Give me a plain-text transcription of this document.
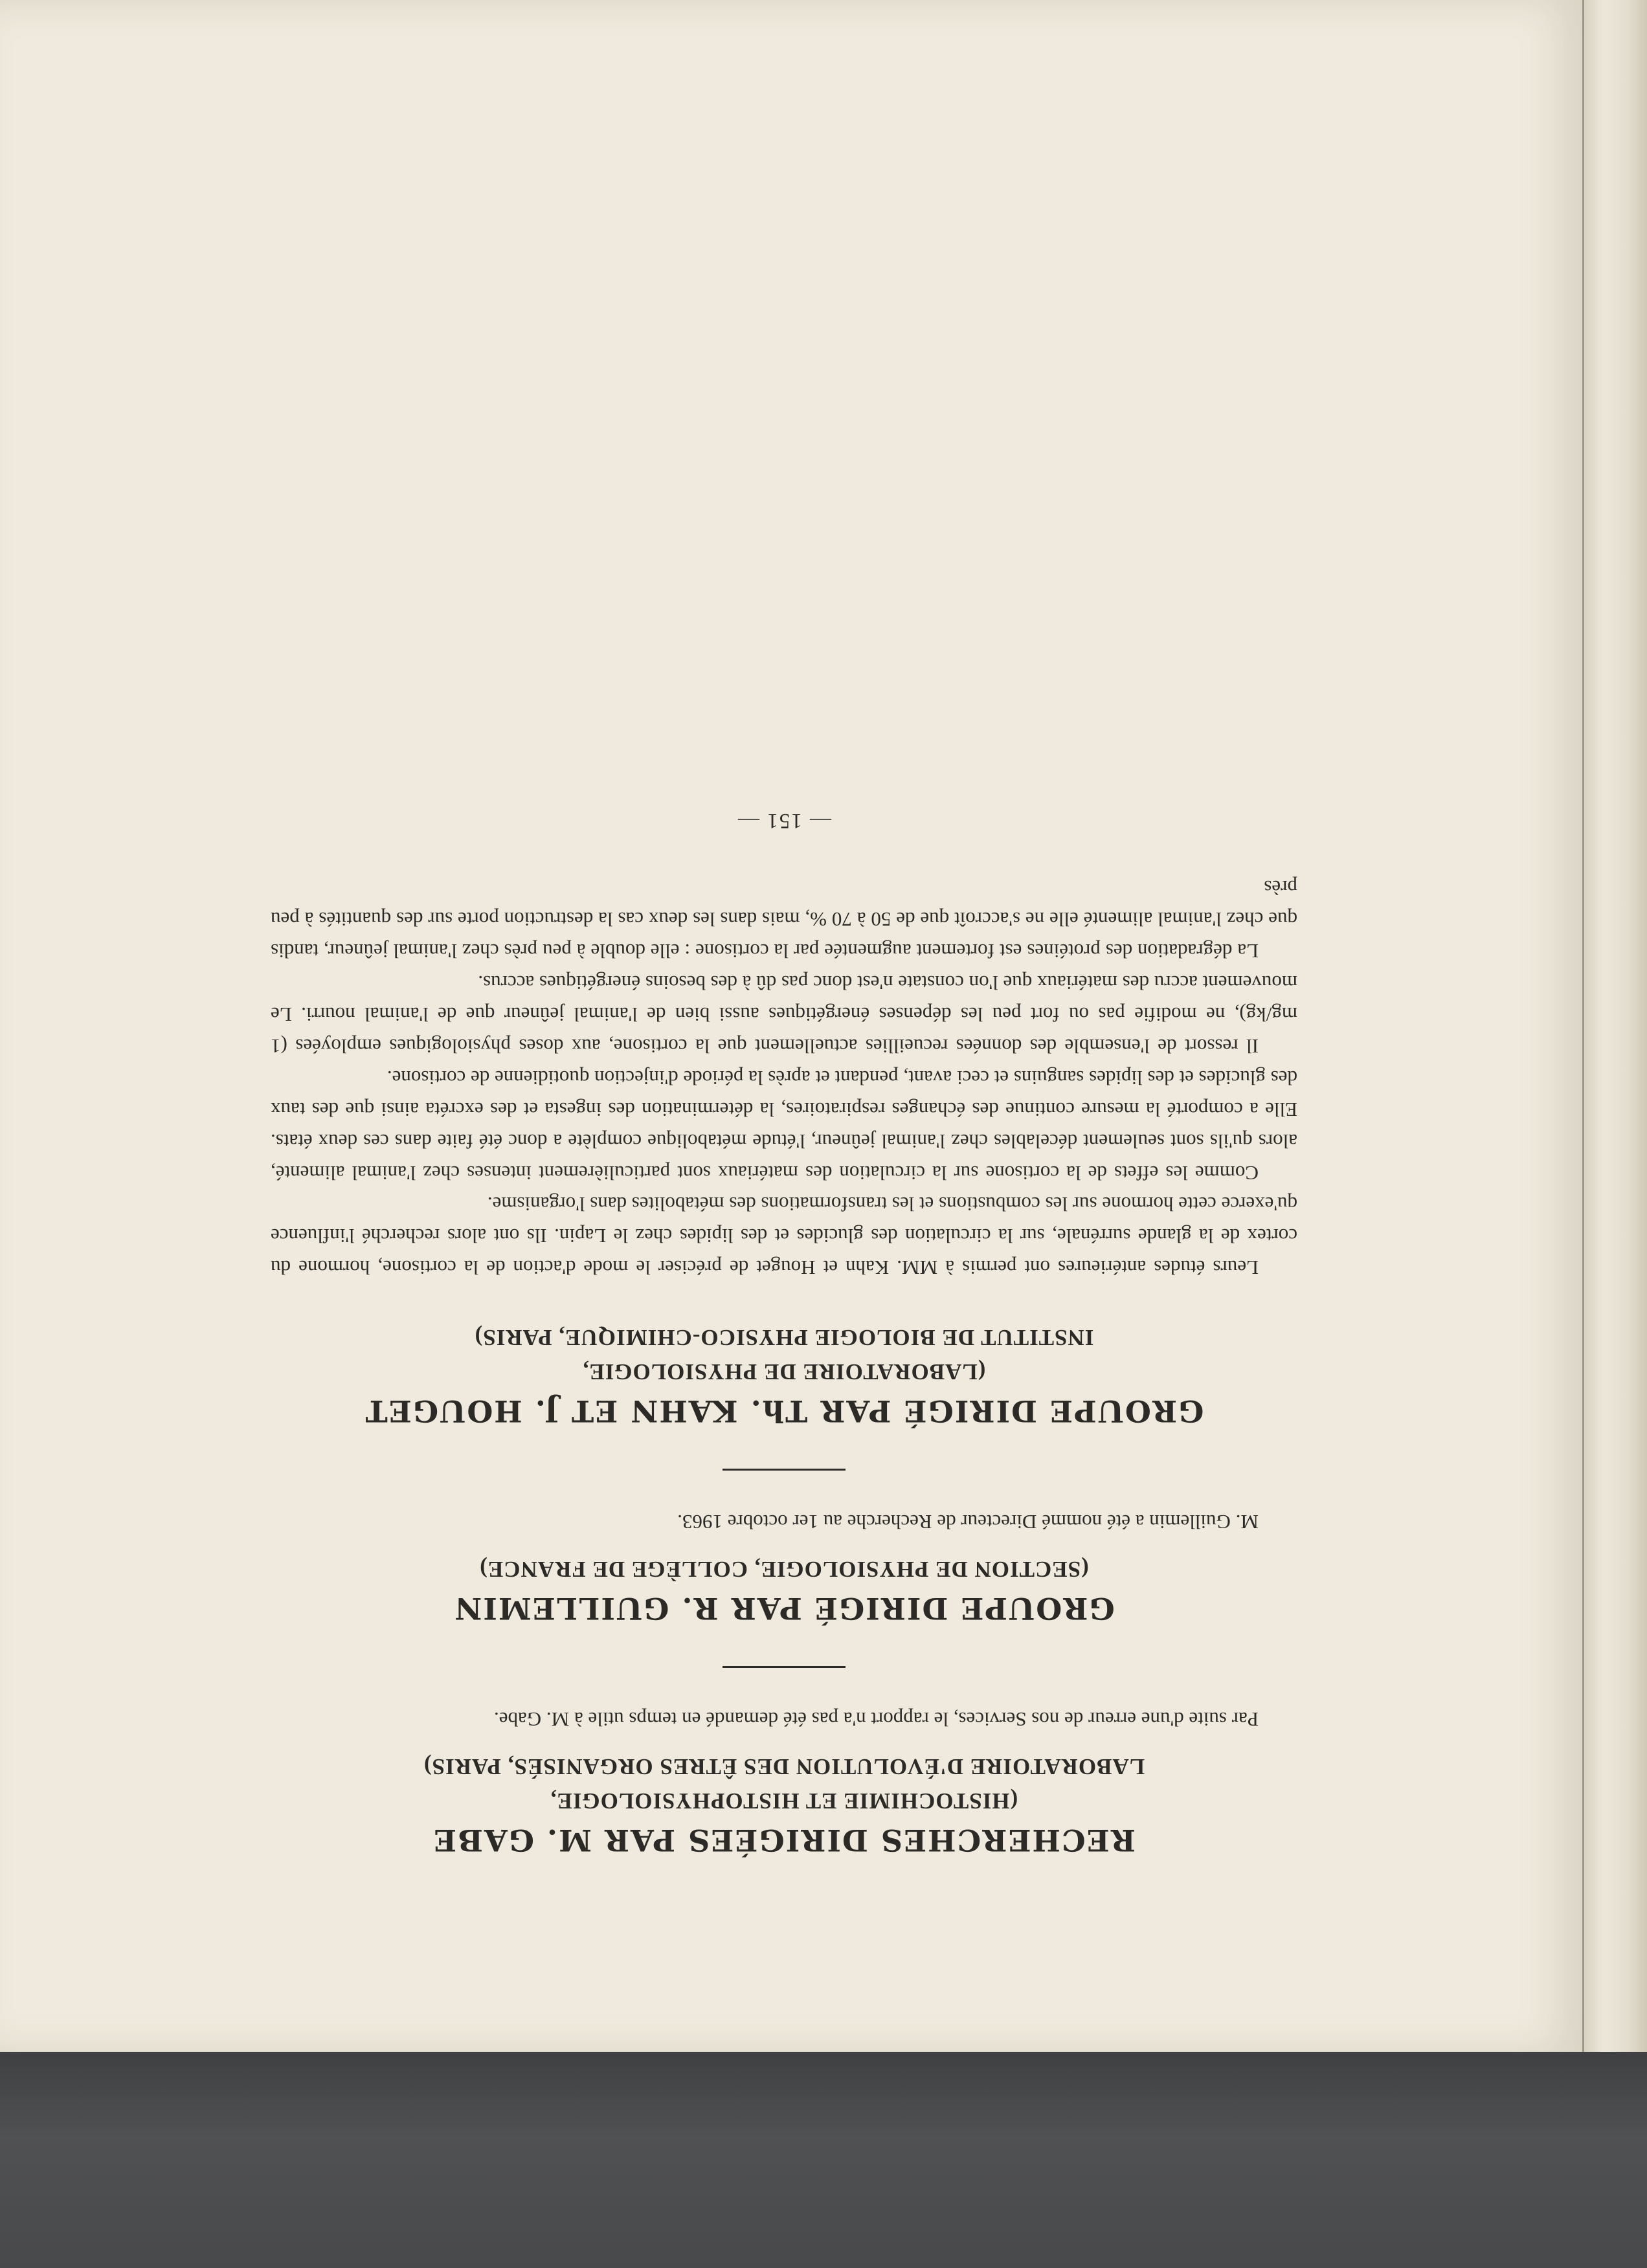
RECHERCHES DIRIGÉES PAR M. GABE
(HISTOCHIMIE ET HISTOPHYSIOLOGIE,
LABORATOIRE D'ÉVOLUTION DES ÊTRES ORGANISÉS, PARIS)

Par suite d'une erreur de nos Services, le rapport n'a pas été demandé en temps utile à M. Gabe.

GROUPE DIRIGÉ PAR R. GUILLEMIN
(SECTION DE PHYSIOLOGIE, COLLÈGE DE FRANCE)

M. Guillemin a été nommé Directeur de Recherche au 1er octobre 1963.

GROUPE DIRIGÉ PAR Th. KAHN ET J. HOUGET
(LABORATOIRE DE PHYSIOLOGIE,
INSTITUT DE BIOLOGIE PHYSICO-CHIMIQUE, PARIS)

Leurs études antérieures ont permis à MM. Kahn et Houget de préciser le mode d'action de la cortisone, hormone du cortex de la glande surrénale, sur la circulation des glucides et des lipides chez le Lapin. Ils ont alors recherché l'influence qu'exerce cette hormone sur les combustions et les transformations des métabolites dans l'organisme.

Comme les effets de la cortisone sur la circulation des matériaux sont particulièrement intenses chez l'animal alimenté, alors qu'ils sont seulement décelables chez l'animal jeûneur, l'étude métabolique complète a donc été faite dans ces deux états. Elle a comporté la mesure continue des échanges respiratoires, la détermination des ingesta et des excréta ainsi que des taux des glucides et des lipides sanguins et ceci avant, pendant et après la période d'injection quotidienne de cortisone.

Il ressort de l'ensemble des données recueillies actuellement que la cortisone, aux doses physiologiques employées (1 mg/kg), ne modifie pas ou fort peu les dépenses énergétiques aussi bien de l'animal jeûneur que de l'animal nourri. Le mouvement accru des matériaux que l'on constate n'est donc pas dû à des besoins énergétiques accrus.

La dégradation des protéines est fortement augmentée par la cortisone : elle double à peu près chez l'animal jeûneur, tandis que chez l'animal alimenté elle ne s'accroît que de 50 à 70 %, mais dans les deux cas la destruction porte sur des quantités à peu près

— 151 —
